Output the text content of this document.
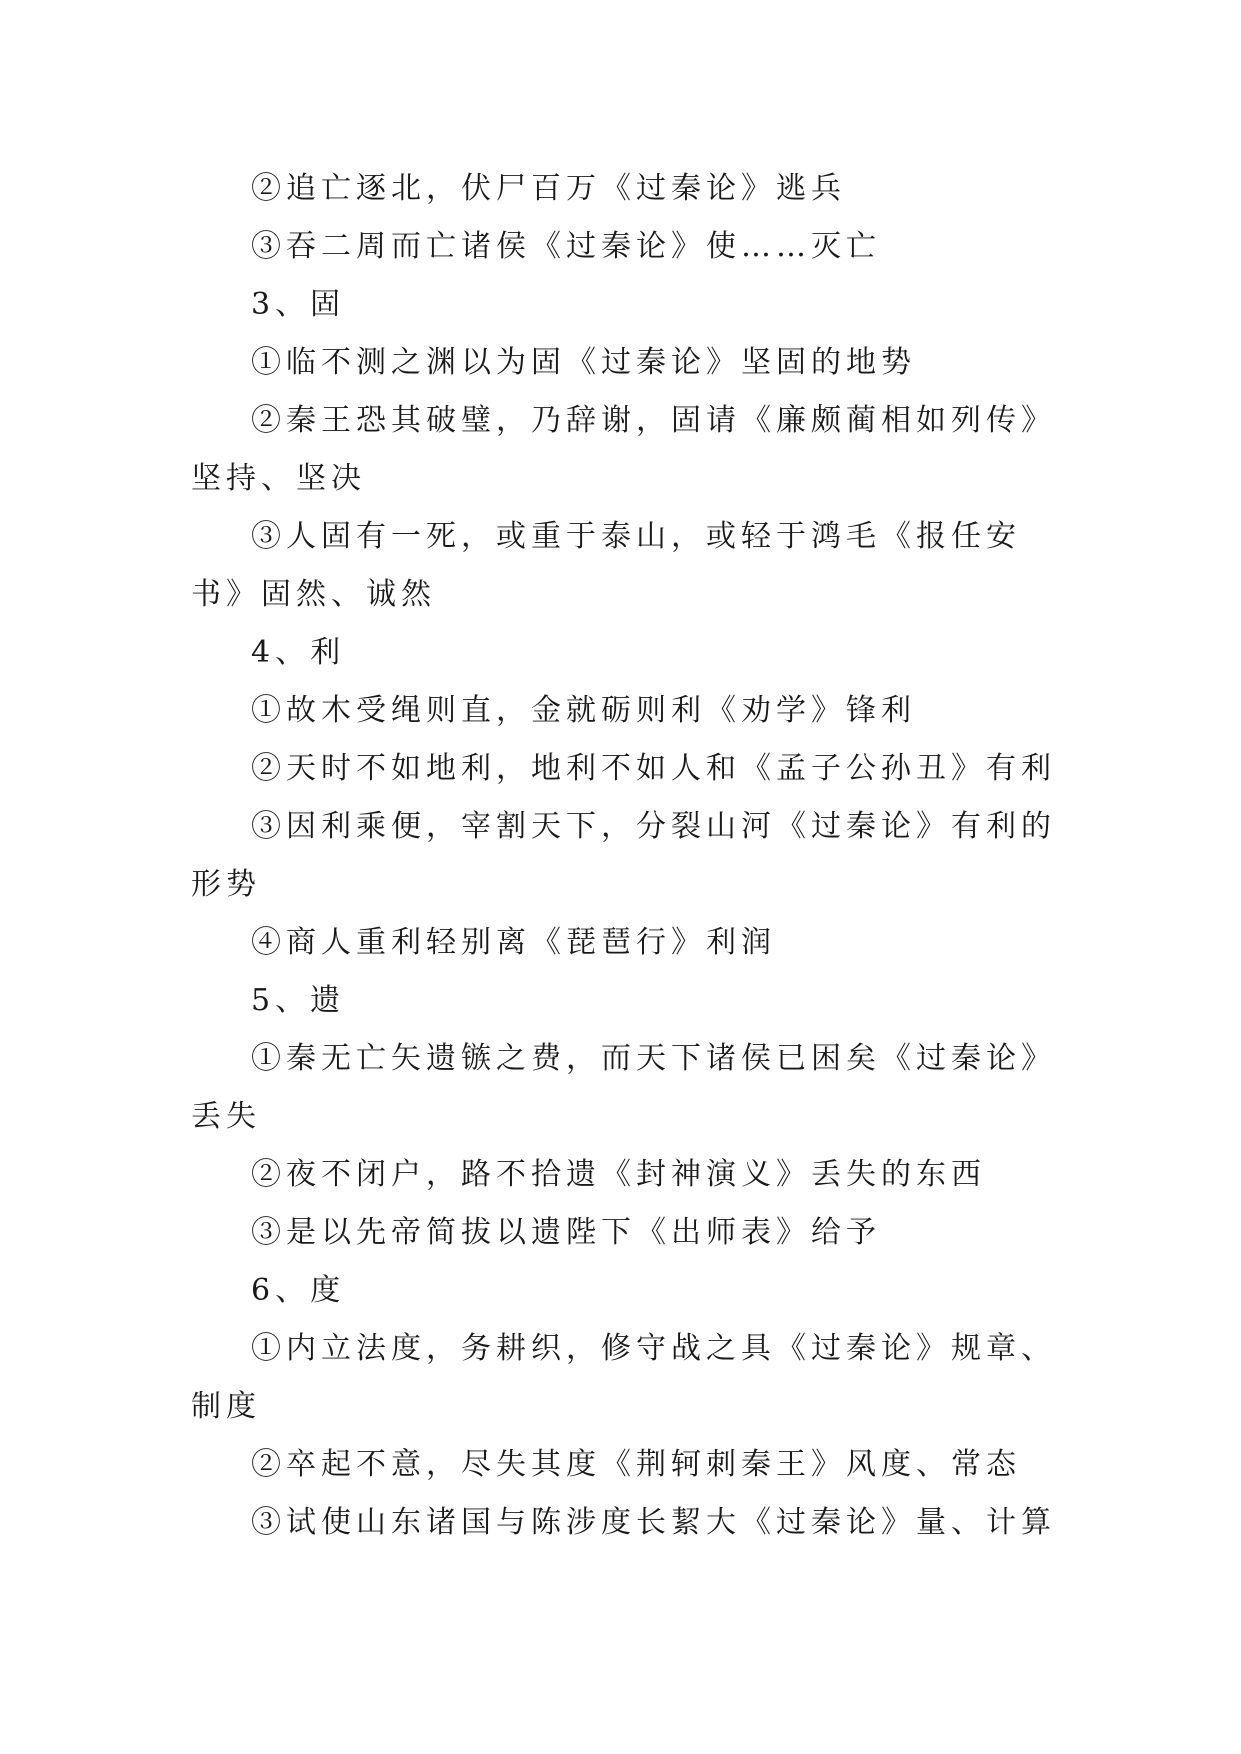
②追亡逐北，伏尸百万《过秦论》逃兵

③吞二周而亡诸侯《过秦论》使……灭亡

3、固

①临不测之渊以为固《过秦论》坚固的地势

②秦王恐其破璧，乃辞谢，固请《廉颇蔺相如列传》坚持、坚决

③人固有一死，或重于泰山，或轻于鸿毛《报任安书》固然、诚然

4、利

①故木受绳则直，金就砺则利《劝学》锋利

②天时不如地利，地利不如人和《孟子公孙丑》有利

③因利乘便，宰割天下，分裂山河《过秦论》有利的形势

④商人重利轻别离《琵琶行》利润

5、遗

①秦无亡矢遗镞之费，而天下诸侯已困矣《过秦论》丢失

②夜不闭户，路不拾遗《封神演义》丢失的东西

③是以先帝简拔以遗陛下《出师表》给予

6、度

①内立法度，务耕织，修守战之具《过秦论》规章、制度

②卒起不意，尽失其度《荆轲刺秦王》风度、常态

③试使山东诸国与陈涉度长絜大《过秦论》量、计算
